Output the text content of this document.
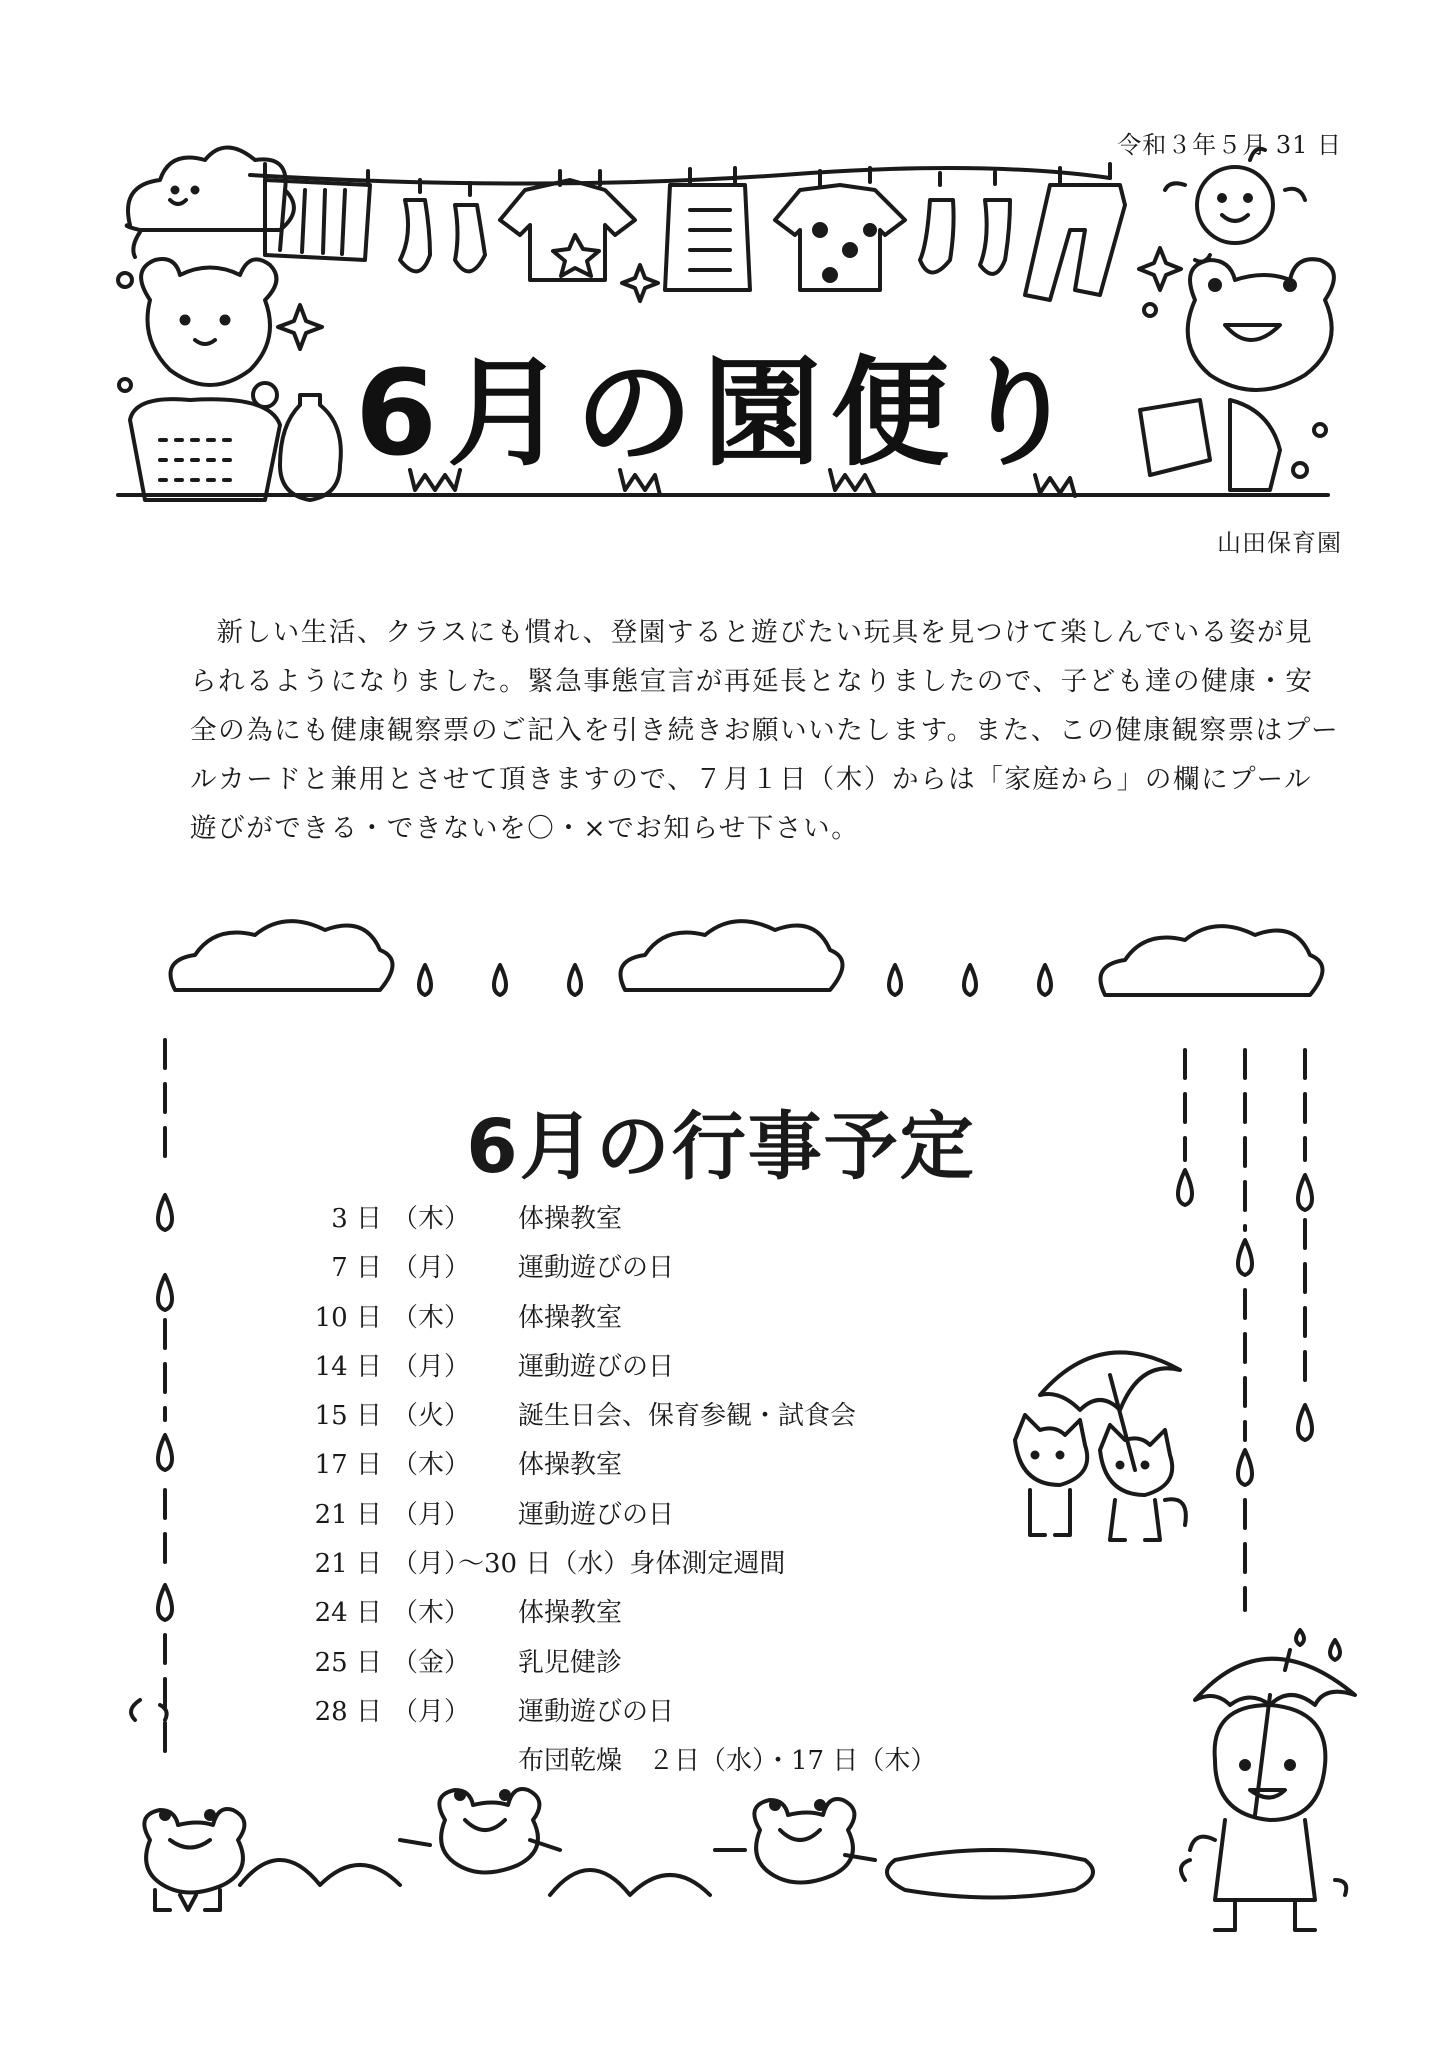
令和３年５月 31 日
6月の園便り
山田保育園

新しい生活、クラスにも慣れ、登園すると遊びたい玩具を見つけて楽しんでいる姿が見られるようになりました。緊急事態宣言が再延長となりましたので、子ども達の健康・安全の為にも健康観察票のご記入を引き続きお願いいたします。また、この健康観察票はプールカードと兼用とさせて頂きますので、７月１日（木）からは「家庭から」の欄にプール遊びができる・できないを〇・×でお知らせ下さい。

6月の行事予定
3 日 （木） 体操教室
7 日 （月） 運動遊びの日
10 日 （木） 体操教室
14 日 （月） 運動遊びの日
15 日 （火） 誕生日会、保育参観・試食会
17 日 （木） 体操教室
21 日 （月） 運動遊びの日
21 日 （月）
～30 日（水）身体測定週間
24 日 （木） 体操教室
25 日 （金） 乳児健診
28 日 （月） 運動遊びの日
布団乾燥　２日（水）・17 日（木）
